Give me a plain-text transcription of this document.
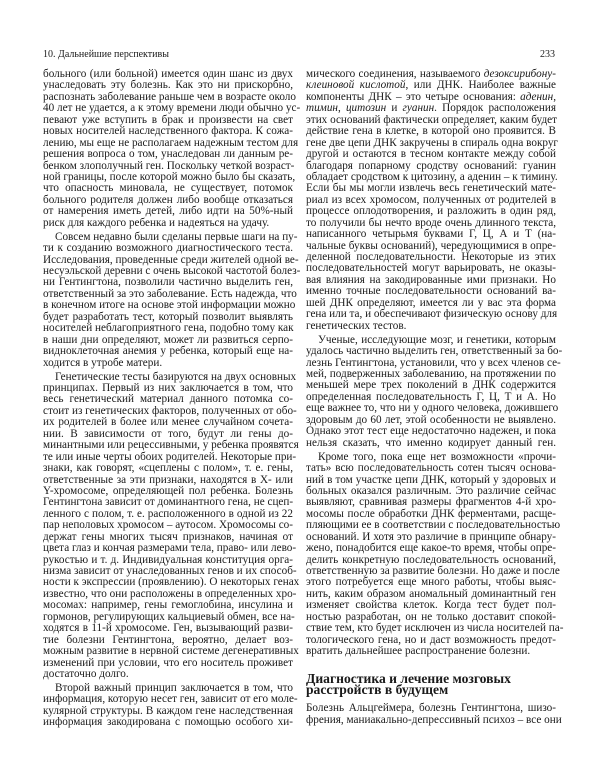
10. Дальнейшие перспективы	233
больного (или больной) имеется один шанс из двух
унаследовать эту болезнь. Как это ни прискорбно,
распознать заболевание раньше чем в возрасте около
40 лет не удается, а к этому времени люди обычно ус-
певают уже вступить в брак и произвести на свет
новых носителей наследственного фактора. К сожа-
лению, мы еще не располагаем надежным тестом для
решения вопроса о том, унаследован ли данным ре-
бенком злополучный ген. Поскольку четкой возраст-
ной границы, после которой можно было бы сказать,
что опасность миновала, не существует, потомок
больного родителя должен либо вообще отказаться
от намерения иметь детей, либо идти на 50%-ный
риск для каждого ребенка и надеяться на удачу.
Совсем недавно были сделаны первые шаги на пу-
ти к созданию возможного диагностического теста.
Исследования, проведенные среди жителей одной ве-
несуэльской деревни с очень высокой частотой болез-
ни Гентингтона, позволили частично выделить ген,
ответственный за это заболевание. Есть надежда, что
в конечном итоге на основе этой информации можно
будет разработать тест, который позволит выявлять
носителей неблагоприятного гена, подобно тому как
в наши дни определяют, может ли развиться серпо-
видноклеточная анемия у ребенка, который еще на-
ходится в утробе матери.
Генетические тесты базируются на двух основных
принципах. Первый из них заключается в том, что
весь генетический материал данного потомка со-
стоит из генетических факторов, полученных от обо-
их родителей в более или менее случайном сочета-
нии. В зависимости от того, будут ли гены до-
минантными или рецессивными, у ребенка проявятся
те или иные черты обоих родителей. Некоторые при-
знаки, как говорят, «сцеплены с полом», т. е. гены,
ответственные за эти признаки, находятся в X- или
Y-хромосоме, определяющей пол ребенка. Болезнь
Гентингтона зависит от доминантного гена, не сцеп-
ленного с полом, т. е. расположенного в одной из 22
пар неполовых хромосом – аутосом. Хромосомы со-
держат гены многих тысяч признаков, начиная от
цвета глаз и кончая размерами тела, право- или лево-
рукостью и т. д. Индивидуальная конституция орга-
низма зависит от унаследованных генов и их способ-
ности к экспрессии (проявлению). О некоторых генах
известно, что они расположены в определенных хро-
мосомах: например, гены гемоглобина, инсулина и
гормонов, регулирующих кальциевый обмен, все на-
ходятся в 11-й хромосоме. Ген, вызывающий разви-
тие болезни Гентингтона, вероятно, делает воз-
можным развитие в нервной системе дегенеративных
изменений при условии, что его носитель проживет
достаточно долго.
Второй важный принцип заключается в том, что
информация, которую несет ген, зависит от его моле-
кулярной структуры. В каждом гене наследственная
информация закодирована с помощью особого хи-
мического соединения, называемого дезоксирибону-
клеиновой кислотой, или ДНК. Наиболее важные
компоненты ДНК – это четыре основания: аденин,
тимин, цитозин и гуанин. Порядок расположения
этих оснований фактически определяет, каким будет
действие гена в клетке, в которой оно проявится. В
гене две цепи ДНК закручены в спираль одна вокруг
другой и остаются в тесном контакте между собой
благодаря попарному сродству оснований: гуанин
обладает сродством к цитозину, а аденин – к тимину.
Если бы мы могли извлечь весь генетический мате-
риал из всех хромосом, полученных от родителей в
процессе оплодотворения, и разложить в один ряд,
то получили бы нечто вроде очень длинного текста,
написанного четырьмя буквами Г, Ц, А и Т (на-
чальные буквы оснований), чередующимися в опре-
деленной последовательности. Некоторые из этих
последовательностей могут варьировать, не оказы-
вая влияния на закодированные ими признаки. Но
именно точные последовательности оснований ва-
шей ДНК определяют, имеется ли у вас эта форма
гена или та, и обеспечивают физическую основу для
генетических тестов.
Ученые, исследующие мозг, и генетики, которым
удалось частично выделить ген, ответственный за бо-
лезнь Гентингтона, установили, что у всех членов се-
мей, подверженных заболеванию, на протяжении по
меньшей мере трех поколений в ДНК содержится
определенная последовательность Г, Ц, Т и А. Но
еще важнее то, что ни у одного человека, дожившего
здоровым до 60 лет, этой особенности не выявлено.
Однако этот тест еще недостаточно надежен, и пока
нельзя сказать, что́ именно кодирует данный ген.
Кроме того, пока еще нет возможности «прочи-
тать» всю последовательность сотен тысяч основа-
ний в том участке цепи ДНК, который у здоровых и
больных оказался различным. Это различие сейчас
выявляют, сравнивая размеры фрагментов 4-й хро-
мосомы после обработки ДНК ферментами, расще-
пляющими ее в соответствии с последовательностью
оснований. И хотя это различие в принципе обнару-
жено, понадобится еще какое-то время, чтобы опре-
делить конкретную последовательность оснований,
ответственную за развитие болезни. Но даже и после
этого потребуется еще много работы, чтобы выяс-
нить, каким образом аномальный доминантный ген
изменяет свойства клеток. Когда тест будет пол-
ностью разработан, он не только доставит спокой-
ствие тем, кто будет исключен из числа носителей па-
тологического гена, но и даст возможность предот-
вратить дальнейшее распространение болезни.
Диагностика и лечение мозговых
расстройств в будущем
Болезнь Альцгеймера, болезнь Гентингтона, шизо-
френия, маниакально-депрессивный психоз – все они
